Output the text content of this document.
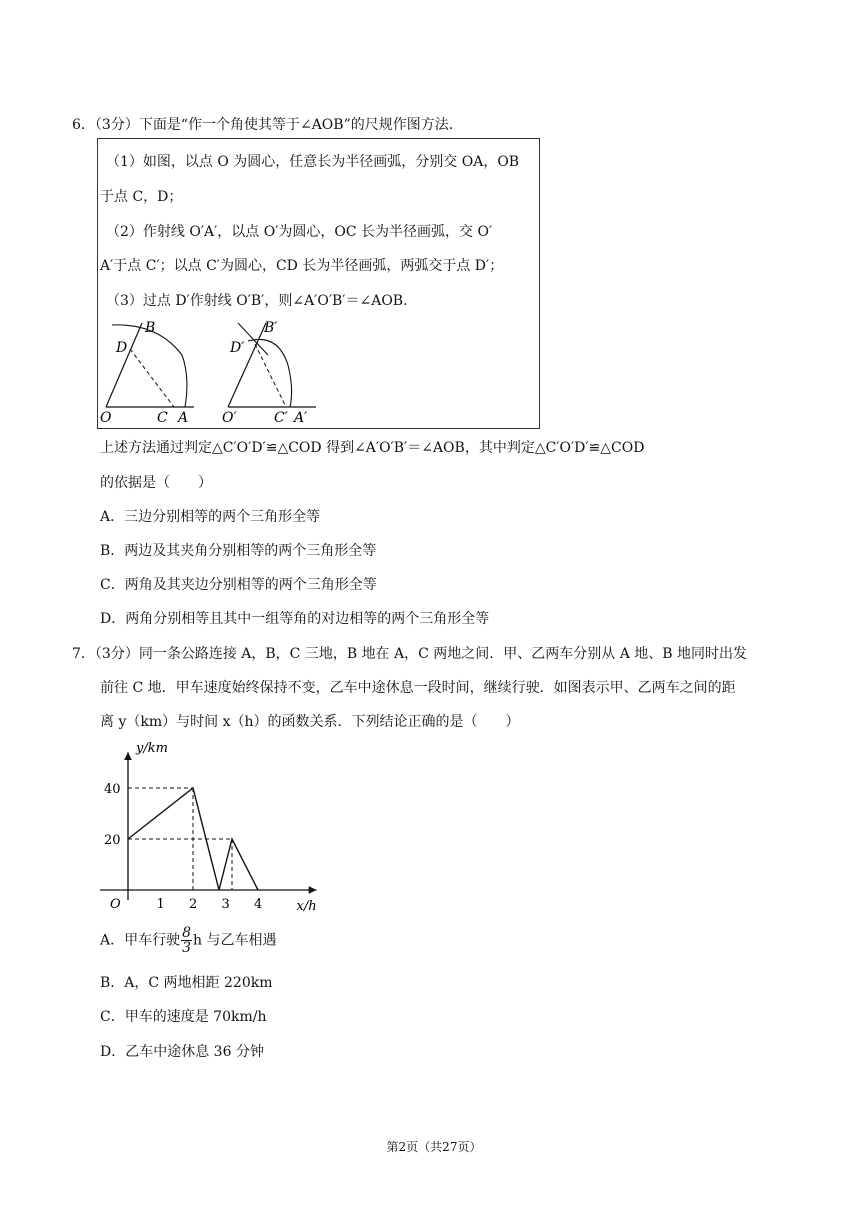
6．（3分）下面是“作一个角使其等于∠AOB”的尺规作图方法．
（1）如图，以点 O 为圆心，任意长为半径画弧，分别交 OA，OB
于点 C，D；
（2）作射线 O′A′，以点 O′为圆心，OC 长为半径画弧，交 O′
A′于点 C′；以点 C′为圆心，CD 长为半径画弧，两弧交于点 D′；
（3）过点 D′作射线 O′B′，则∠A′O′B′＝∠AOB．
B
D
O	C A
B′
D′
O′	C′ A′
上述方法通过判定△C′O′D′≌△COD 得到∠A′O′B′＝∠AOB，其中判定△C′O′D′≌△COD
的依据是（　　）
A．三边分别相等的两个三角形全等
B．两边及其夹角分别相等的两个三角形全等
C．两角及其夹边分别相等的两个三角形全等
D．两角分别相等且其中一组等角的对边相等的两个三角形全等
7．（3分）同一条公路连接 A，B，C 三地，B 地在 A，C 两地之间．甲、乙两车分别从 A 地、B 地同时出发
前往 C 地．甲车速度始终保持不变，乙车中途休息一段时间，继续行驶．如图表示甲、乙两车之间的距
离 y（km）与时间 x（h）的函数关系．下列结论正确的是（　　）
1 2 3 4
20
40
O	x/h
y/km
A．甲车行驶 $\frac{8}{3}$ h 与乙车相遇
B．A，C 两地相距 220km
C．甲车的速度是 70km/h
D．乙车中途休息 36 分钟
第2页（共27页）
